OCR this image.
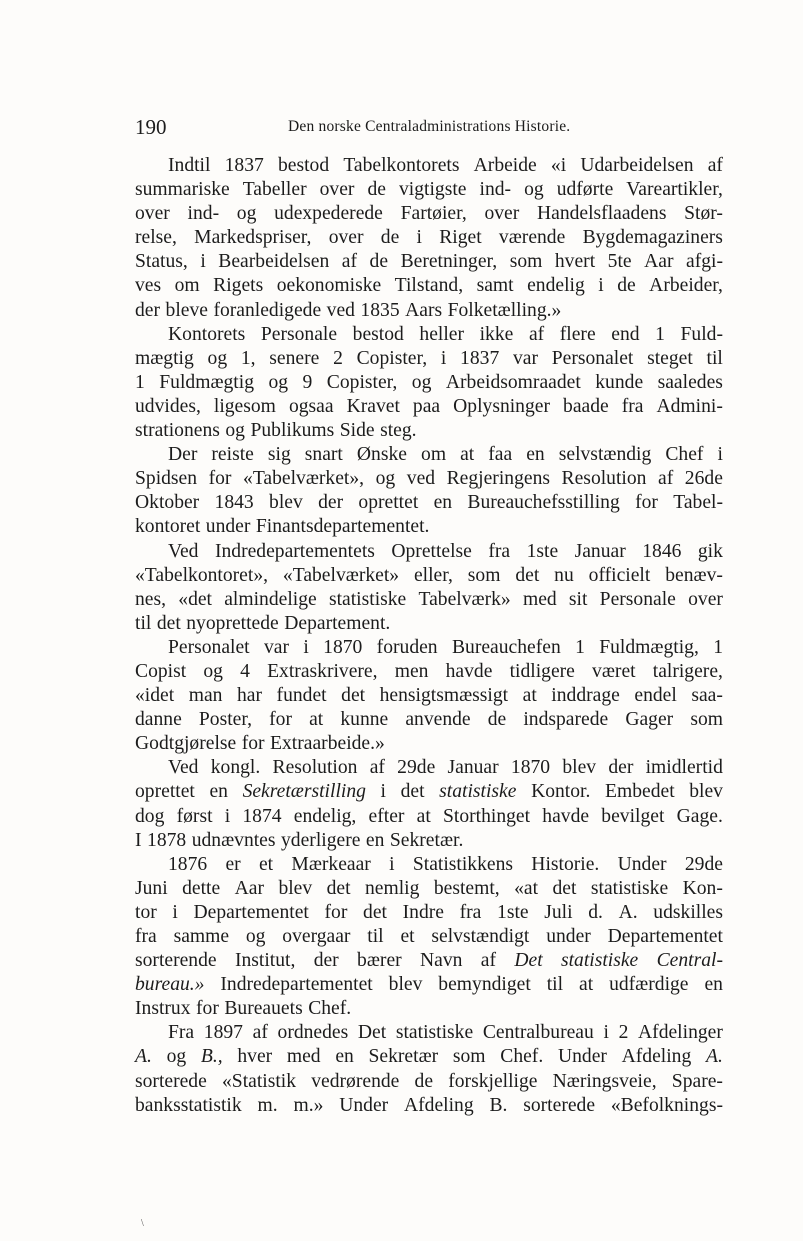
190	Den norske Centraladministrations Historie.
Indtil 1837 bestod Tabelkontorets Arbeide «i Udarbeidelsen af
summariske Tabeller over de vigtigste ind- og udførte Vareartikler,
over ind- og udexpederede Fartøier, over Handelsflaadens Stør-
relse, Markedspriser, over de i Riget værende Bygdemagaziners
Status, i Bearbeidelsen af de Beretninger, som hvert 5te Aar afgi-
ves om Rigets oekonomiske Tilstand, samt endelig i de Arbeider,
der bleve foranledigede ved 1835 Aars Folketælling.»
Kontorets Personale bestod heller ikke af flere end 1 Fuld-
mægtig og 1, senere 2 Copister, i 1837 var Personalet steget til
1 Fuldmægtig og 9 Copister, og Arbeidsomraadet kunde saaledes
udvides, ligesom ogsaa Kravet paa Oplysninger baade fra Admini-
strationens og Publikums Side steg.
Der reiste sig snart Ønske om at faa en selvstændig Chef i
Spidsen for «Tabelværket», og ved Regjeringens Resolution af 26de
Oktober 1843 blev der oprettet en Bureauchefsstilling for Tabel-
kontoret under Finantsdepartementet.
Ved Indredepartementets Oprettelse fra 1ste Januar 1846 gik
«Tabelkontoret», «Tabelværket» eller, som det nu officielt benæv-
nes, «det almindelige statistiske Tabelværk» med sit Personale over
til det nyoprettede Departement.
Personalet var i 1870 foruden Bureauchefen 1 Fuldmægtig, 1
Copist og 4 Extraskrivere, men havde tidligere været talrigere,
«idet man har fundet det hensigtsmæssigt at inddrage endel saa-
danne Poster, for at kunne anvende de indsparede Gager som
Godtgjørelse for Extraarbeide.»
Ved kongl. Resolution af 29de Januar 1870 blev der imidlertid
oprettet en Sekretærstilling i det statistiske Kontor. Embedet blev
dog først i 1874 endelig, efter at Storthinget havde bevilget Gage.
I 1878 udnævntes yderligere en Sekretær.
1876 er et Mærkeaar i Statistikkens Historie. Under 29de
Juni dette Aar blev det nemlig bestemt, «at det statistiske Kon-
tor i Departementet for det Indre fra 1ste Juli d. A. udskilles
fra samme og overgaar til et selvstændigt under Departementet
sorterende Institut, der bærer Navn af Det statistiske Central-
bureau.» Indredepartementet blev bemyndiget til at udfærdige en
Instrux for Bureauets Chef.
Fra 1897 af ordnedes Det statistiske Centralbureau i 2 Afdelinger
A. og B., hver med en Sekretær som Chef. Under Afdeling A.
sorterede «Statistik vedrørende de forskjellige Næringsveie, Spare-
banksstatistik m. m.» Under Afdeling B. sorterede «Befolknings-
\
